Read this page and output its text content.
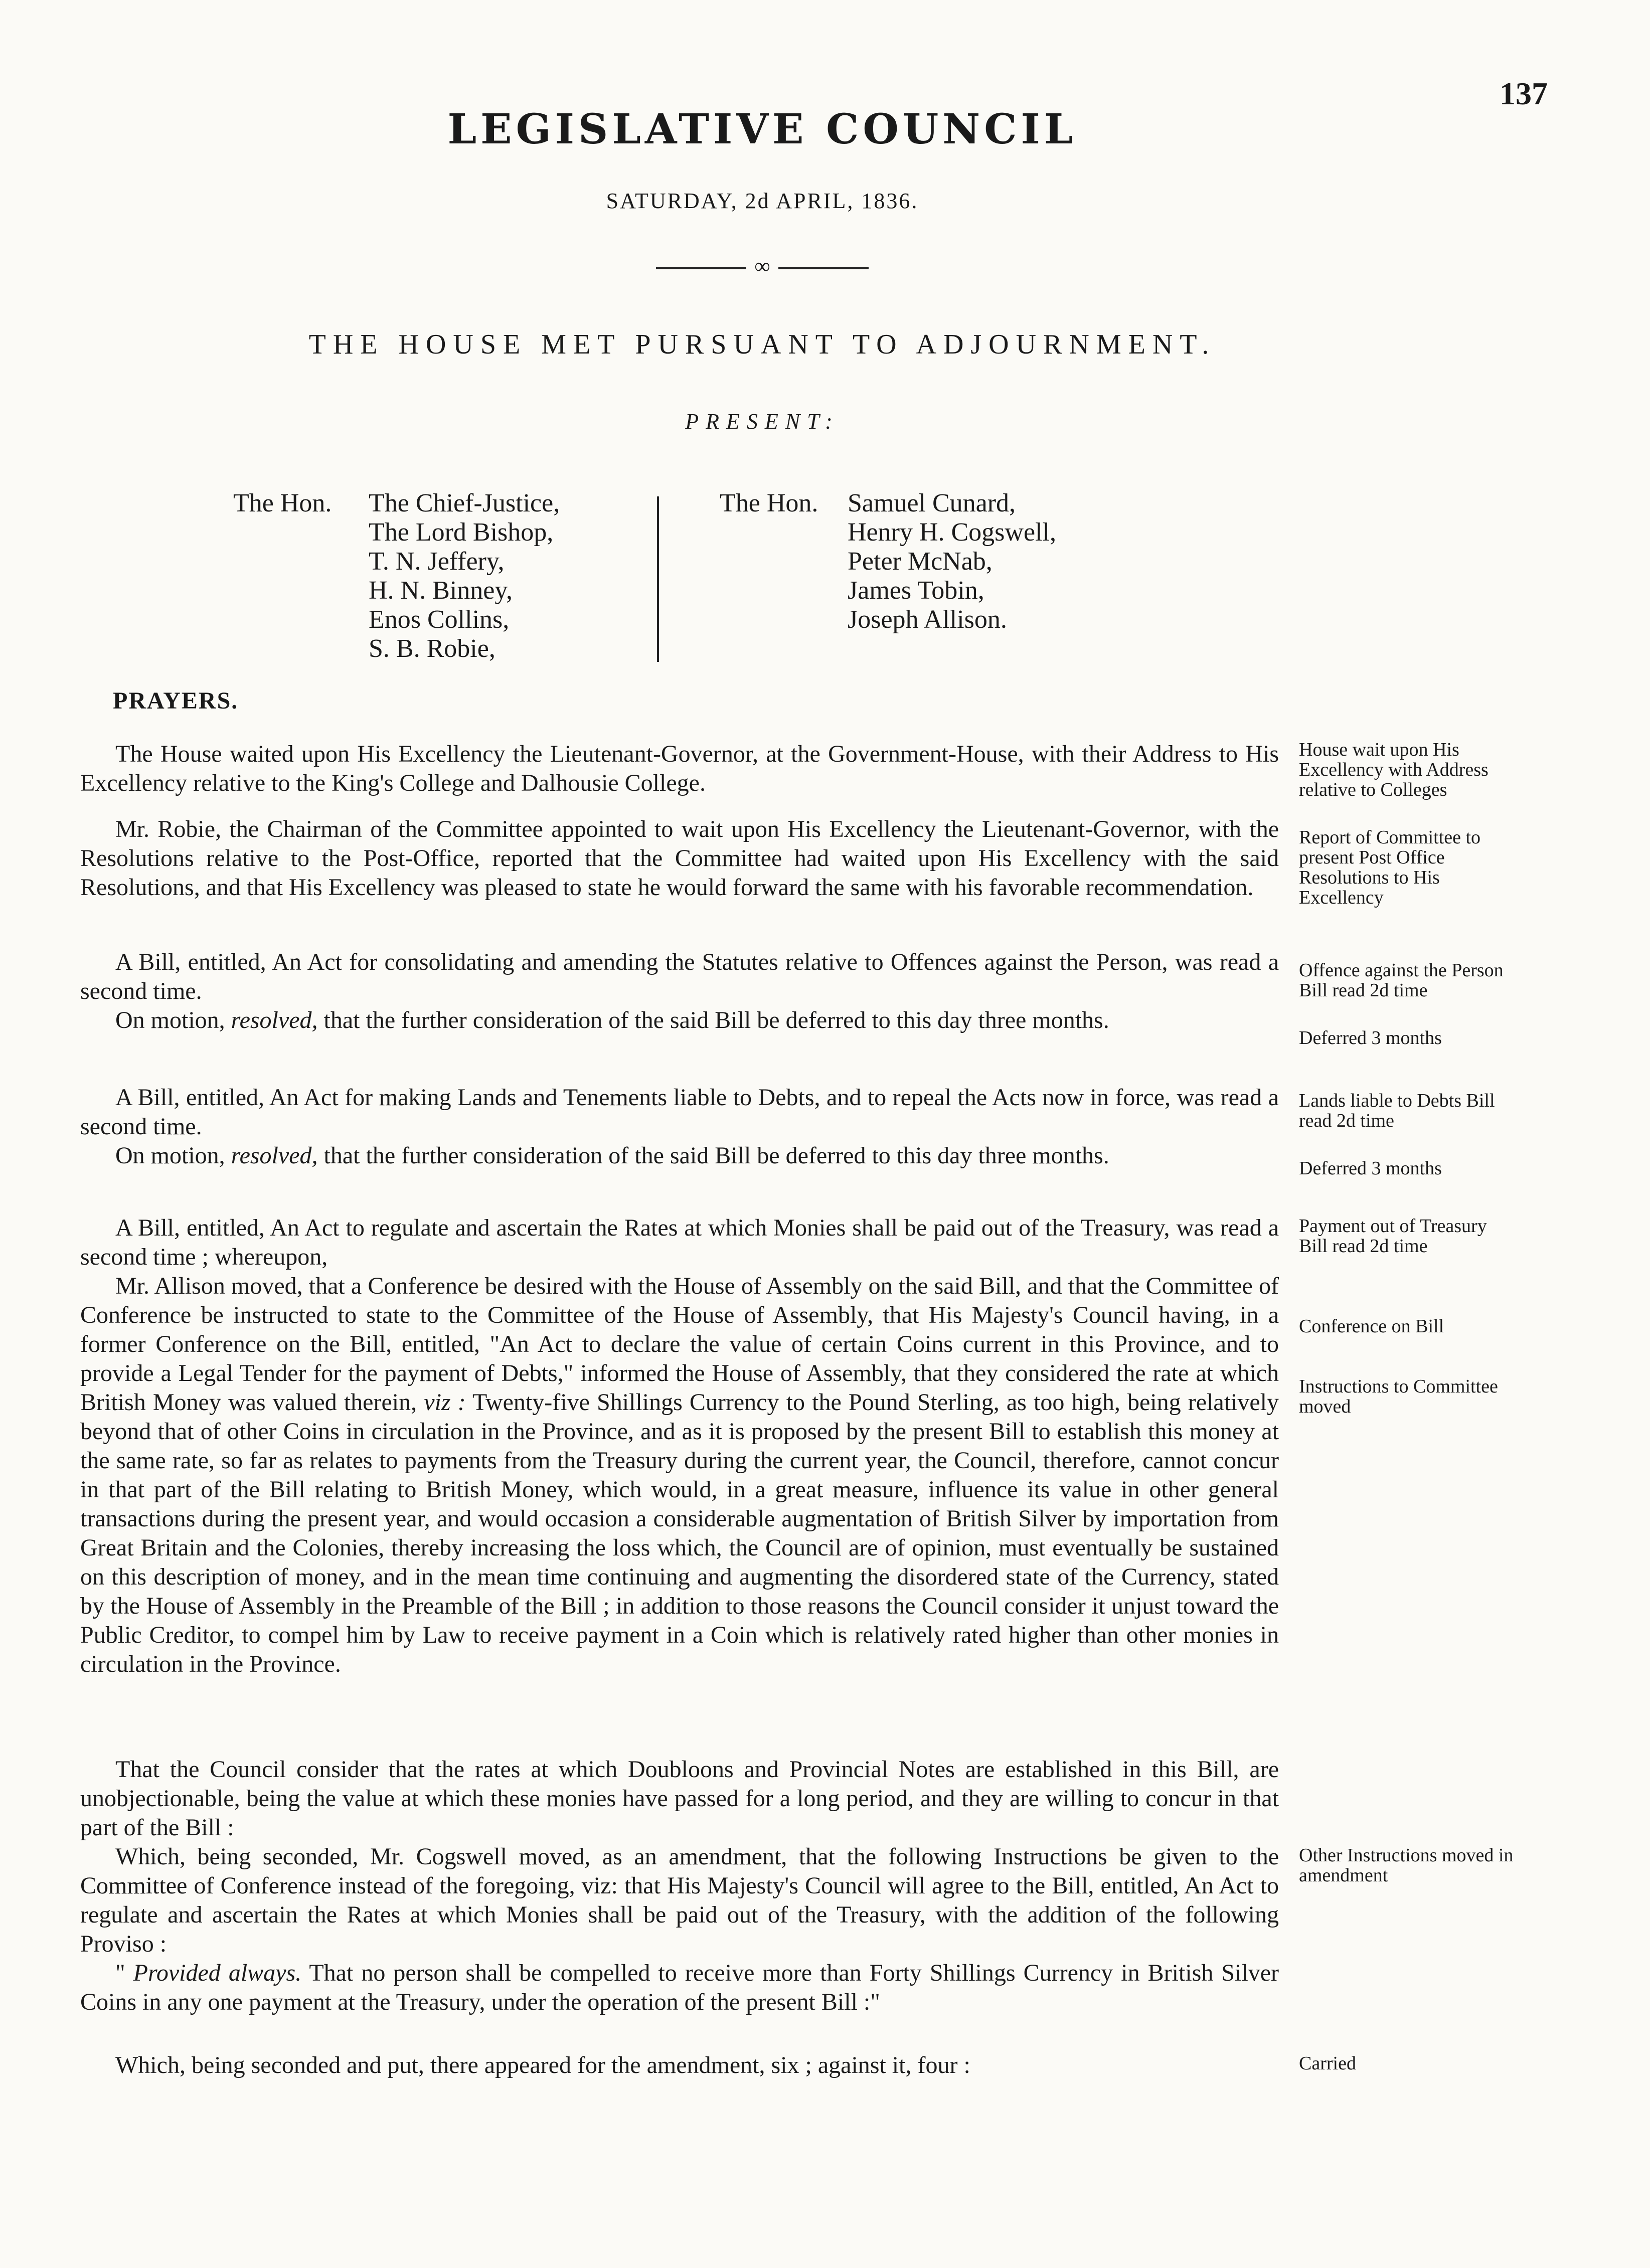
137
LEGISLATIVE COUNCIL
SATURDAY, 2d APRIL, 1836.
∞
THE HOUSE MET PURSUANT TO ADJOURNMENT.
PRESENT:
The Hon. The Chief-Justice,
The Lord Bishop,
T. N. Jeffery,
H. N. Binney,
Enos Collins,
S. B. Robie,
The Hon. Samuel Cunard,
Henry H. Cogswell,
Peter McNab,
James Tobin,
Joseph Allison.
PRAYERS.

The House waited upon His Excellency the Lieutenant-Governor, at the Government-House, with their Address to His Excellency relative to the King's College and Dalhousie College.

Mr. Robie, the Chairman of the Committee appointed to wait upon His Excellency the Lieutenant-Governor, with the Resolutions relative to the Post-Office, reported that the Committee had waited upon His Excellency with the said Resolutions, and that His Excellency was pleased to state he would forward the same with his favorable recommendation.

A Bill, entitled, An Act for consolidating and amending the Statutes relative to Offences against the Person, was read a second time.

On motion, resolved, that the further consideration of the said Bill be deferred to this day three months.

A Bill, entitled, An Act for making Lands and Tenements liable to Debts, and to repeal the Acts now in force, was read a second time.

On motion, resolved, that the further consideration of the said Bill be deferred to this day three months.

A Bill, entitled, An Act to regulate and ascertain the Rates at which Monies shall be paid out of the Treasury, was read a second time ; whereupon,

Mr. Allison moved, that a Conference be desired with the House of Assembly on the said Bill, and that the Committee of Conference be instructed to state to the Committee of the House of Assembly, that His Majesty's Council having, in a former Conference on the Bill, entitled, "An Act to declare the value of certain Coins current in this Province, and to provide a Legal Tender for the payment of Debts," informed the House of Assembly, that they considered the rate at which British Money was valued therein, viz : Twenty-five Shillings Currency to the Pound Sterling, as too high, being relatively beyond that of other Coins in circulation in the Province, and as it is proposed by the present Bill to establish this money at the same rate, so far as relates to payments from the Treasury during the current year, the Council, therefore, cannot concur in that part of the Bill relating to British Money, which would, in a great measure, influence its value in other general transactions during the present year, and would occasion a considerable augmentation of British Silver by importation from Great Britain and the Colonies, thereby increasing the loss which, the Council are of opinion, must eventually be sustained on this description of money, and in the mean time continuing and augmenting the disordered state of the Currency, stated by the House of Assembly in the Preamble of the Bill ; in addition to those reasons the Council consider it unjust toward the Public Creditor, to compel him by Law to receive payment in a Coin which is relatively rated higher than other monies in circulation in the Province.

That the Council consider that the rates at which Doubloons and Provincial Notes are established in this Bill, are unobjectionable, being the value at which these monies have passed for a long period, and they are willing to concur in that part of the Bill :

Which, being seconded, Mr. Cogswell moved, as an amendment, that the following Instructions be given to the Committee of Conference instead of the foregoing, viz: that His Majesty's Council will agree to the Bill, entitled, An Act to regulate and ascertain the Rates at which Monies shall be paid out of the Treasury, with the addition of the following Proviso :

" Provided always. That no person shall be compelled to receive more than Forty Shillings Currency in British Silver Coins in any one payment at the Treasury, under the operation of the present Bill :"

Which, being seconded and put, there appeared for the amendment, six ; against it, four :

House wait upon His Excellency with Address relative to Colleges
Report of Committee to present Post Office Resolutions to His Excellency
Offence against the Person Bill read 2d time
Deferred 3 months
Lands liable to Debts Bill read 2d time
Deferred 3 months
Payment out of Treasury Bill read 2d time
Conference on Bill
Instructions to Committee moved
Other Instructions moved in amendment
Carried
